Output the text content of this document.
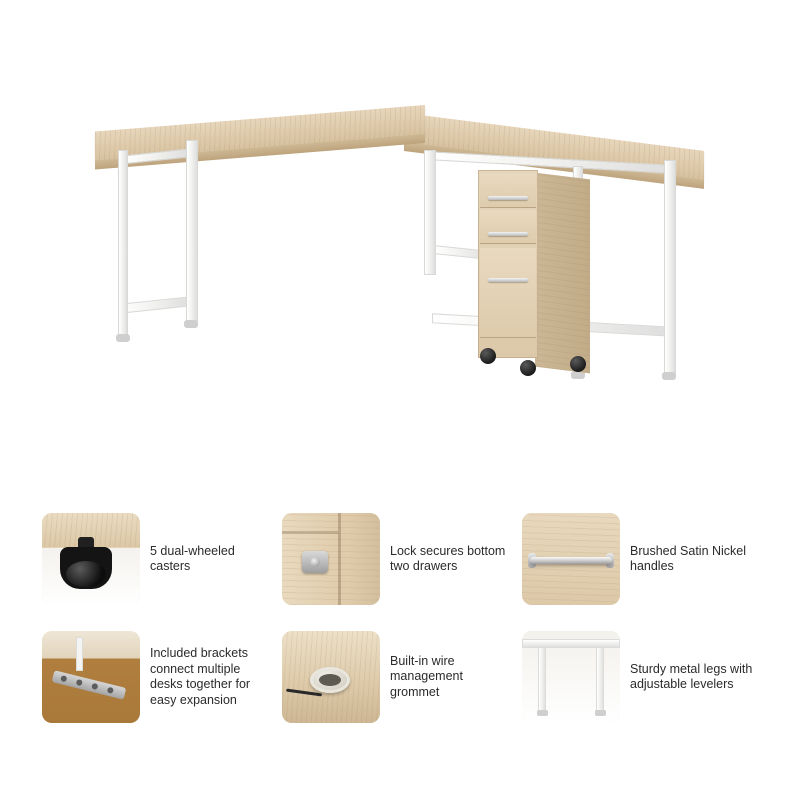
5 dual-wheeled casters
Lock secures bottom two drawers
Brushed Satin Nickel handles
Included brackets connect multiple desks together for easy expansion
Built-in wire management grommet
Sturdy metal legs with adjustable levelers
